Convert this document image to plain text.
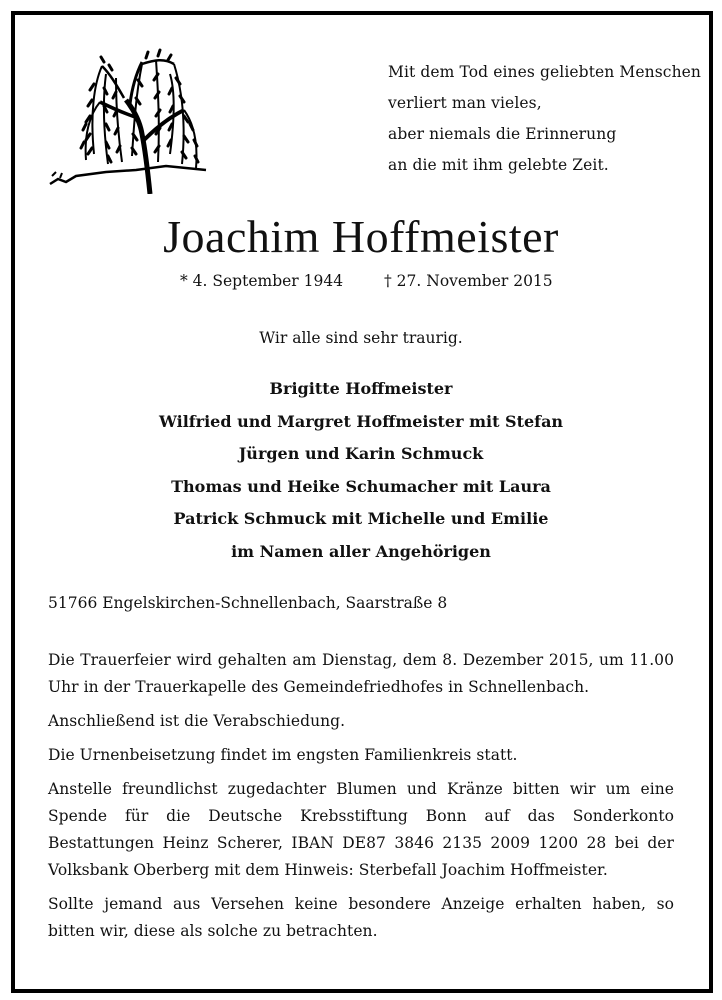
Mit dem Tod eines geliebten Menschen
verliert man vieles,
aber niemals die Erinnerung
an die mit ihm gelebte Zeit.
Joachim Hoffmeister
* 4. September 1944	† 27. November 2015
Wir alle sind sehr traurig.
Brigitte Hoffmeister
Wilfried und Margret Hoffmeister mit Stefan
Jürgen und Karin Schmuck
Thomas und Heike Schumacher mit Laura
Patrick Schmuck mit Michelle und Emilie
im Namen aller Angehörigen
51766 Engelskirchen-Schnellenbach, Saarstraße 8

Die Trauerfeier wird gehalten am Dienstag, dem 8. Dezember 2015, um 11.00 Uhr in der Trauerkapelle des Gemeindefriedhofes in Schnellenbach.

Anschließend ist die Verabschiedung.

Die Urnenbeisetzung findet im engsten Familienkreis statt.

Anstelle freundlichst zugedachter Blumen und Kränze bitten wir um eine Spende für die Deutsche Krebsstiftung Bonn auf das Sonderkonto Bestattungen Heinz Scherer, IBAN DE87 3846 2135 2009 1200 28 bei der Volksbank Oberberg mit dem Hinweis: Sterbefall Joachim Hoffmeister.

Sollte jemand aus Versehen keine besondere Anzeige erhalten haben, so bitten wir, diese als solche zu betrachten.
